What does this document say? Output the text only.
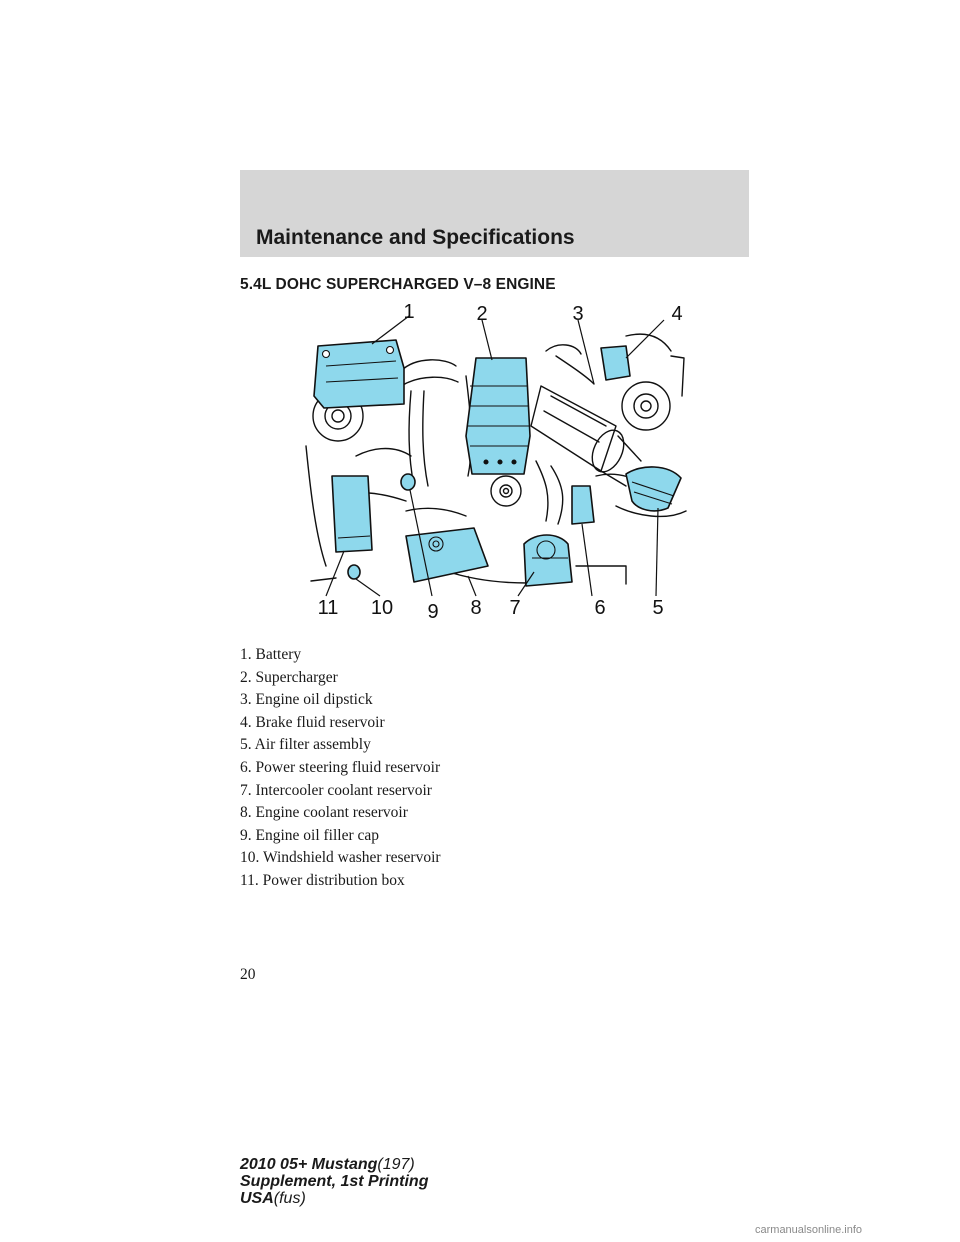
Maintenance and Specifications
5.4L DOHC SUPERCHARGED V–8 ENGINE
1	2	3	4
5
6
7
8
9
10
11
1. Battery
2. Supercharger
3. Engine oil dipstick
4. Brake fluid reservoir
5. Air filter assembly
6. Power steering fluid reservoir
7. Intercooler coolant reservoir
8. Engine coolant reservoir
9. Engine oil filler cap
10. Windshield washer reservoir
11. Power distribution box
20
2010 05+ Mustang(197)
Supplement, 1st Printing
USA(fus)
carmanualsonline.info
